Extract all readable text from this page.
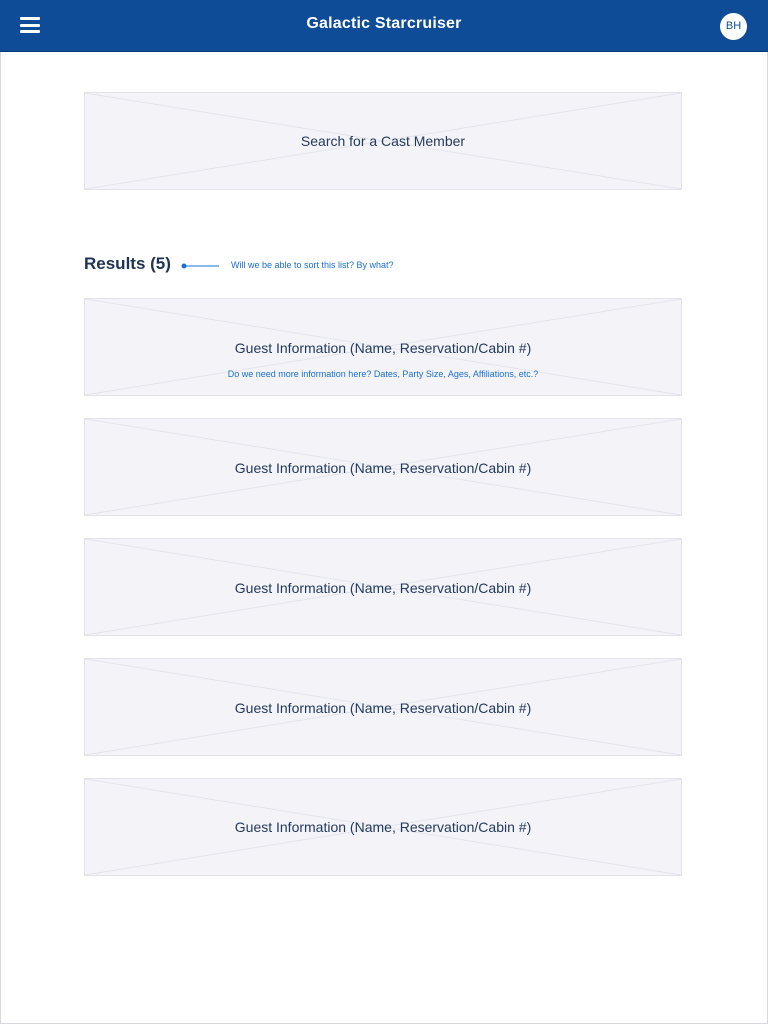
Galactic Starcruiser	BH
Search for a Cast Member
Results (5)	Will we be able to sort this list? By what?
Guest Information (Name, Reservation/Cabin #)
Do we need more information here? Dates, Party Size, Ages, Affiliations, etc.?
Guest Information (Name, Reservation/Cabin #)
Guest Information (Name, Reservation/Cabin #)
Guest Information (Name, Reservation/Cabin #)
Guest Information (Name, Reservation/Cabin #)
